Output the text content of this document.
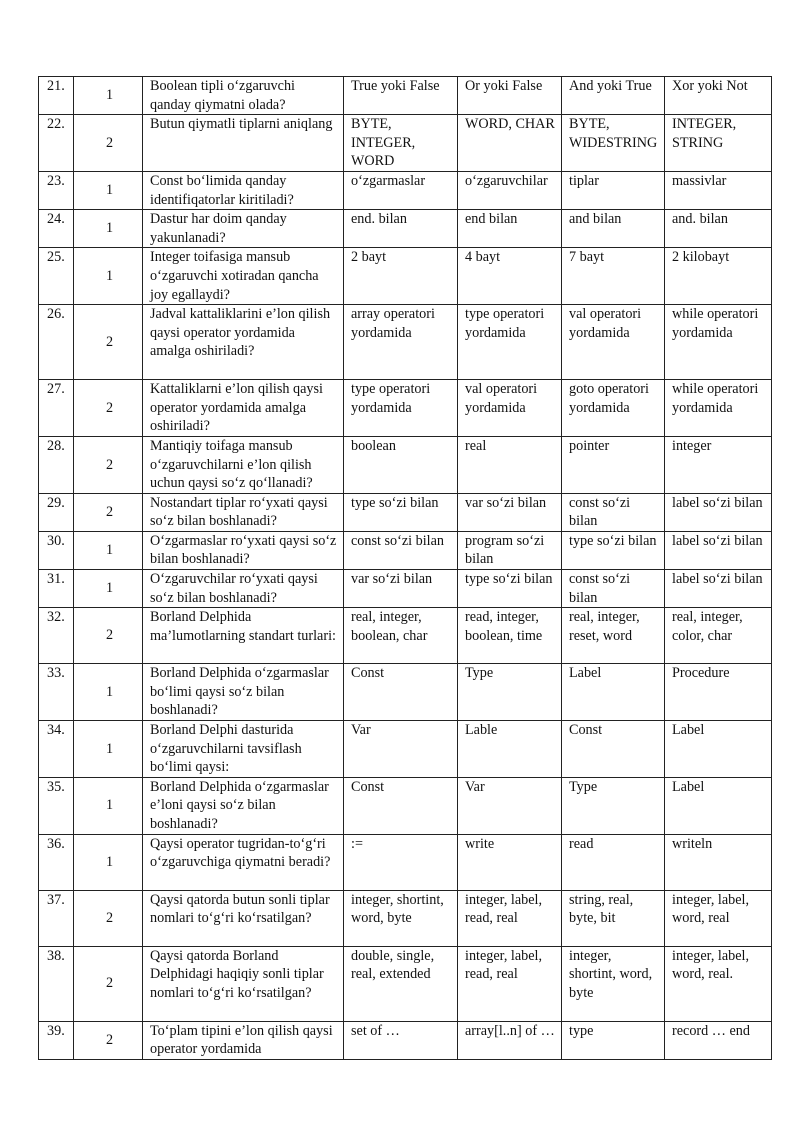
21.	1	Boolean tipli o‘zgaruvchi qanday qiymatni olada?	True yoki False	Or yoki False	And yoki True	Xor yoki Not
22.	2	Butun qiymatli tiplarni aniqlang	BYTE, INTEGER, WORD	WORD, CHAR	BYTE, WIDESTRING	INTEGER, STRING
23.	1	Const bo‘limida qanday identifiqatorlar kiritiladi?	o‘zgarmaslar	o‘zgaruvchilar	tiplar	massivlar
24.	1	Dastur har doim qanday yakunlanadi?	end. bilan	end bilan	and bilan	and. bilan
25.	1	Integer toifasiga mansub o‘zgaruvchi xotiradan qancha joy egallaydi?	2 bayt	4 bayt	7 bayt	2 kilobayt
26.	2	Jadval kattaliklarini e’lon qilish qaysi operator yordamida amalga oshiriladi?	array operatori yordamida	type operatori yordamida	val operatori yordamida	while operatori yordamida
27.	2	Kattaliklarni e’lon qilish qaysi operator yordamida amalga oshiriladi?	type operatori yordamida	val operatori yordamida	goto operatori yordamida	while operatori yordamida
28.	2	Mantiqiy toifaga mansub o‘zgaruvchilarni e’lon qilish uchun qaysi so‘z qo‘llanadi?	boolean	real	pointer	integer
29.	2	Nostandart tiplar ro‘yxati qaysi so‘z bilan boshlanadi?	type so‘zi bilan	var so‘zi bilan	const so‘zi bilan	label so‘zi bilan
30.	1	O‘zgarmaslar ro‘yxati qaysi so‘z bilan boshlanadi?	const so‘zi bilan	program so‘zi bilan	type so‘zi bilan	label so‘zi bilan
31.	1	O‘zgaruvchilar ro‘yxati qaysi so‘z bilan boshlanadi?	var so‘zi bilan	type so‘zi bilan	const so‘zi bilan	label so‘zi bilan
32.	2	Borland Delphida ma’lumotlarning standart turlari:	real, integer, boolean, char	read, integer, boolean, time	real, integer, reset, word	real, integer, color, char
33.	1	Borland Delphida o‘zgarmaslar bo‘limi qaysi so‘z bilan boshlanadi?	Const	Type	Label	Procedure
34.	1	Borland Delphi dasturida o‘zgaruvchilarni tavsiflash bo‘limi qaysi:	Var	Lable	Const	Label
35.	1	Borland Delphida o‘zgarmaslar e’loni qaysi so‘z bilan boshlanadi?	Const	Var	Type	Label
36.	1	Qaysi operator tugridan-to‘g‘ri o‘zgaruvchiga qiymatni beradi?	:=	write	read	writeln
37.	2	Qaysi qatorda butun sonli tiplar nomlari to‘g‘ri ko‘rsatilgan?	integer, shortint, word, byte	integer, label, read, real	string, real, byte, bit	integer, label, word, real
38.	2	Qaysi qatorda Borland Delphidagi haqiqiy sonli tiplar nomlari to‘g‘ri ko‘rsatilgan?	double, single, real, extended	integer, label, read, real	integer, shortint, word, byte	integer, label, word, real.
39.	2	To‘plam tipini e’lon qilish qaysi operator yordamida	set of …	array[l..n] of …	type	record … end
